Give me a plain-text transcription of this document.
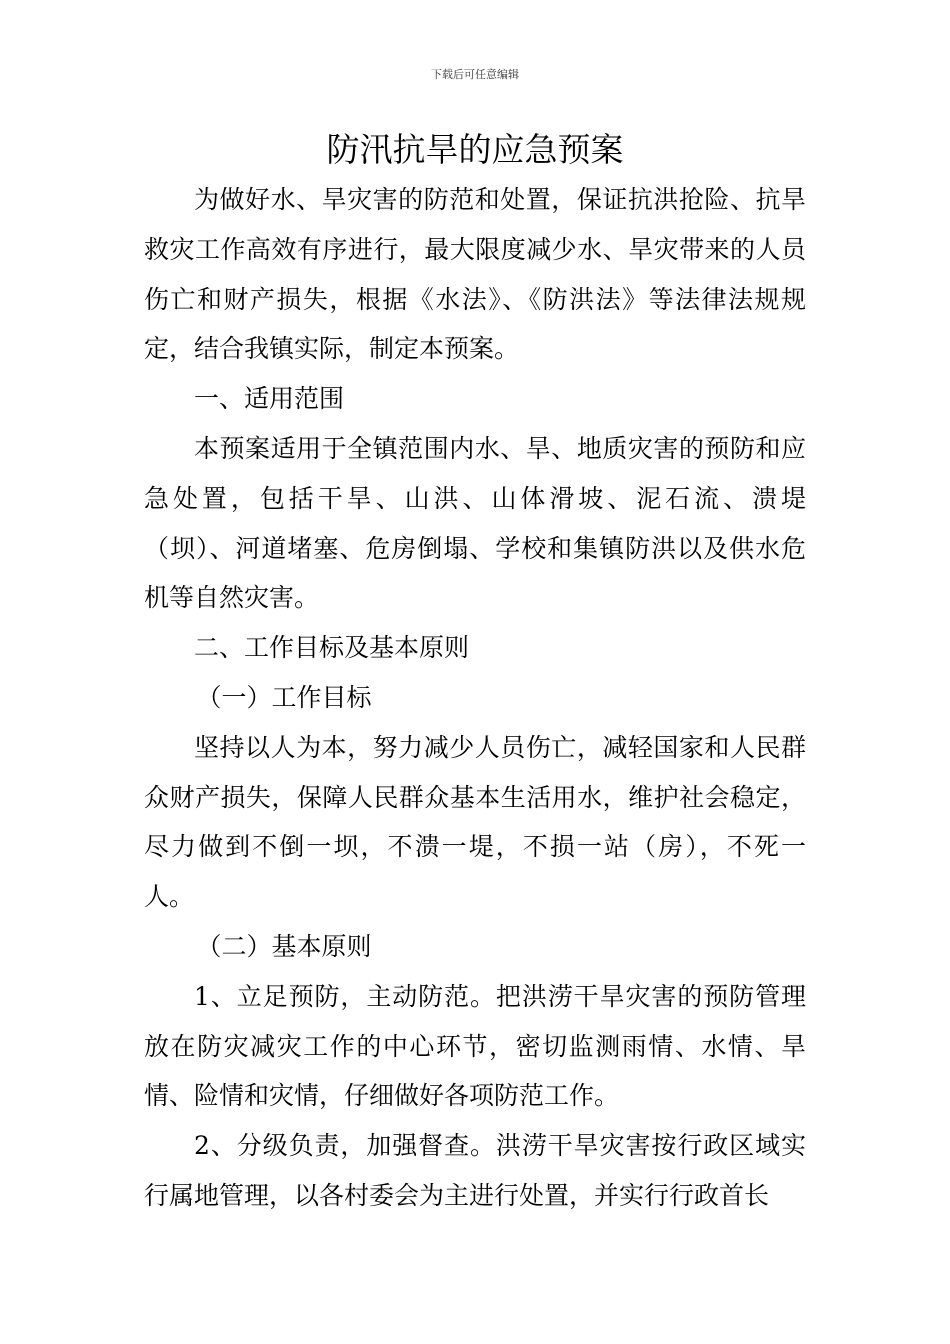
下载后可任意编辑
防汛抗旱的应急预案

为做好水、旱灾害的防范和处置，保证抗洪抢险、抗旱救灾工作高效有序进行，最大限度减少水、旱灾带来的人员伤亡和财产损失，根据《水法》、《防洪法》等法律法规规定，结合我镇实际，制定本预案。

一、适用范围

本预案适用于全镇范围内水、旱、地质灾害的预防和应急处置，包括干旱、山洪、山体滑坡、泥石流、溃堤（坝）、河道堵塞、危房倒塌、学校和集镇防洪以及供水危机等自然灾害。

二、工作目标及基本原则

（一）工作目标

坚持以人为本，努力减少人员伤亡，减轻国家和人民群众财产损失，保障人民群众基本生活用水，维护社会稳定，尽力做到不倒一坝，不溃一堤，不损一站（房），不死一人。

（二）基本原则

1、立足预防，主动防范。把洪涝干旱灾害的预防管理放在防灾减灾工作的中心环节，密切监测雨情、水情、旱情、险情和灾情，仔细做好各项防范工作。

2、分级负责，加强督查。洪涝干旱灾害按行政区域实行属地管理，以各村委会为主进行处置，并实行行政首长
